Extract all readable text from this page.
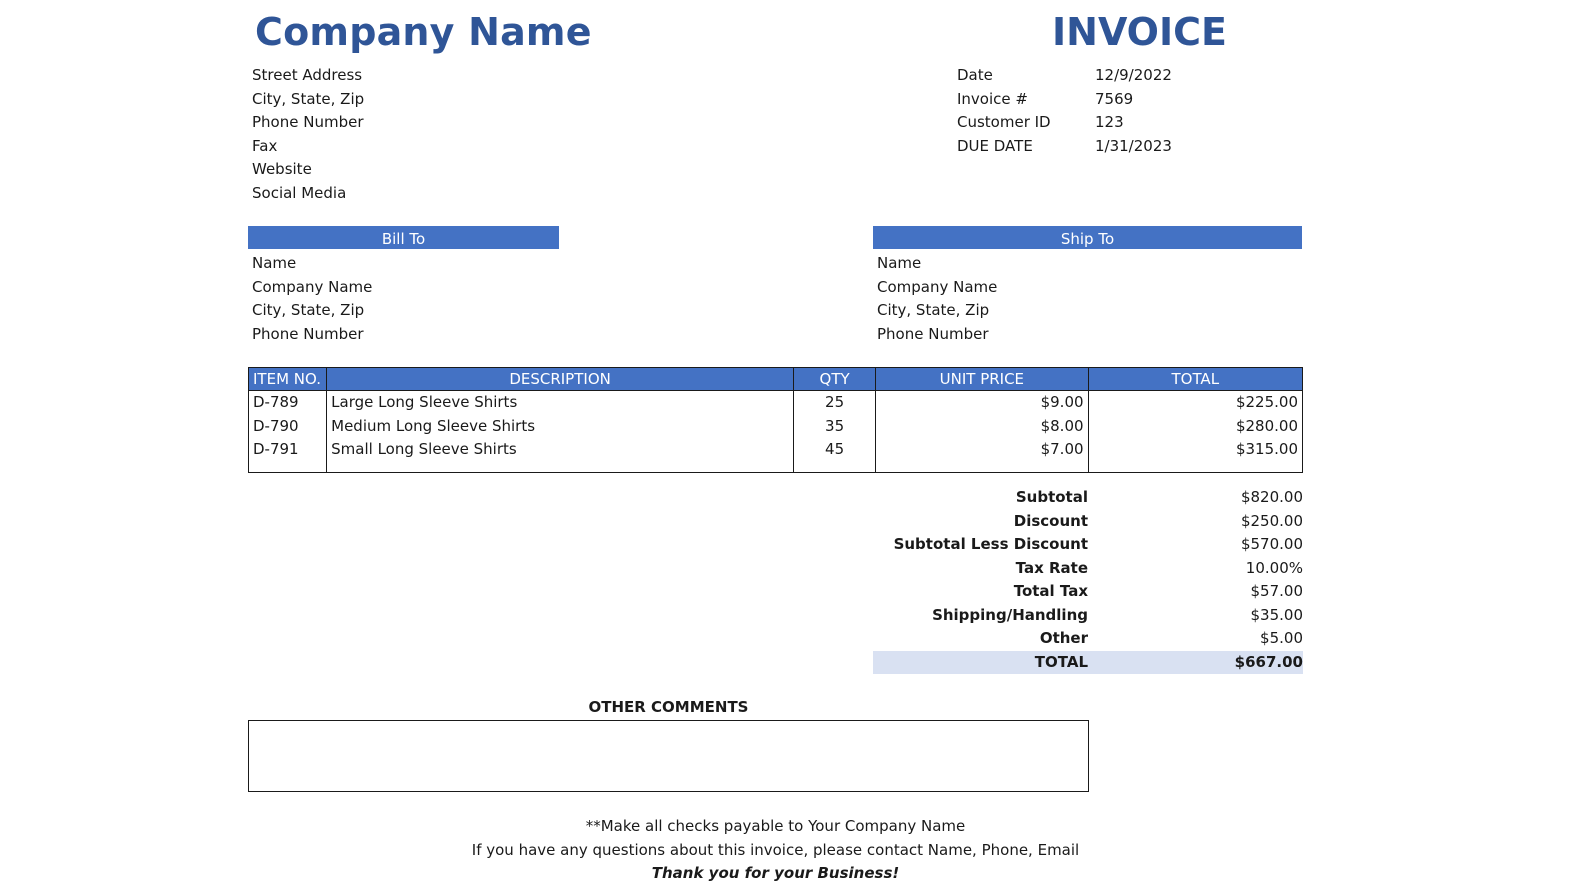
Company Name	INVOICE
Street Address
City, State, Zip
Phone Number
Fax
Website
Social Media
Date	12/9/2022
Invoice #	7569
Customer ID	123
DUE DATE	1/31/2023
Bill To	Ship To
Name
Company Name
City, State, Zip
Phone Number
Name
Company Name
City, State, Zip
Phone Number
ITEM NO.	DESCRIPTION	QTY	UNIT PRICE	TOTAL
D-789	Large Long Sleeve Shirts	25	$9.00	$225.00
D-790	Medium Long Sleeve Shirts	35	$8.00	$280.00
D-791	Small Long Sleeve Shirts	45	$7.00	$315.00

Subtotal	$820.00
Discount	$250.00
Subtotal Less Discount	$570.00
Tax Rate	10.00%
Total Tax	$57.00
Shipping/Handling	$35.00
Other	$5.00
TOTAL	$667.00
OTHER COMMENTS
**Make all checks payable to Your Company Name
If you have any questions about this invoice, please contact Name, Phone, Email
Thank you for your Business!
